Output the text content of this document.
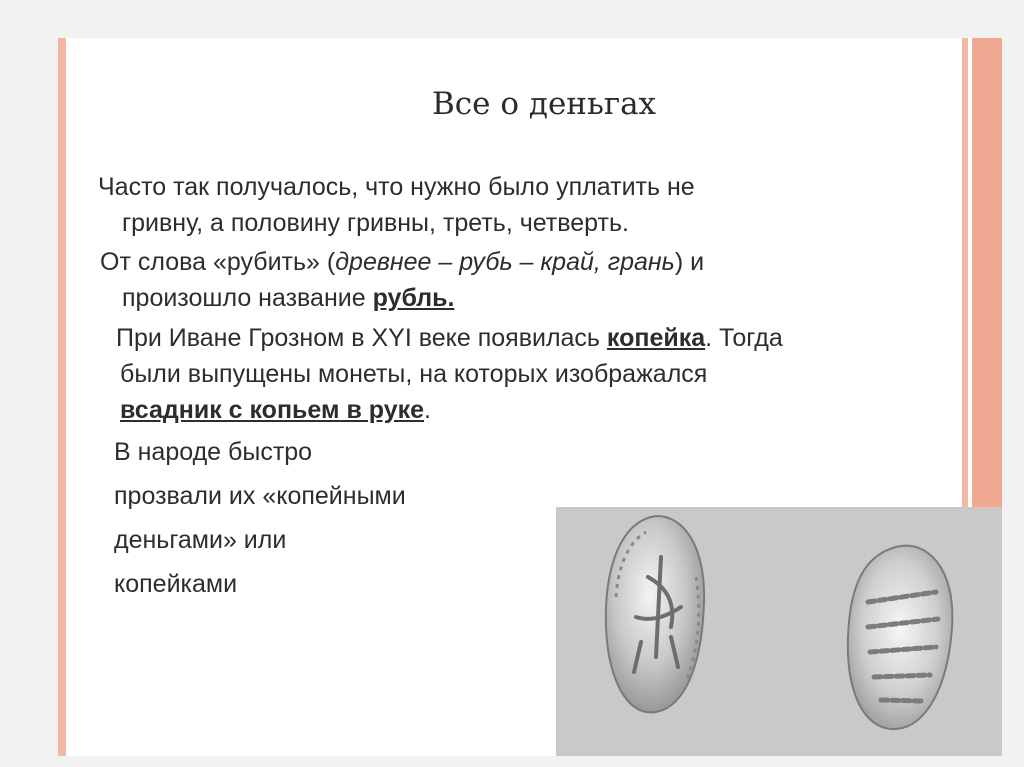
Все о деньгах
Часто так получалось, что нужно было уплатить не
гривну, а половину гривны, треть, четверть.
От слова «рубить» (древнее – рубь – край, грань) и
произошло название рубль.
При Иване Грозном в XYI веке появилась копейка. Тогда
были выпущены монеты, на которых изображался
всадник с копьем в руке.
В народе быстро
прозвали их «копейными
деньгами» или
копейками
